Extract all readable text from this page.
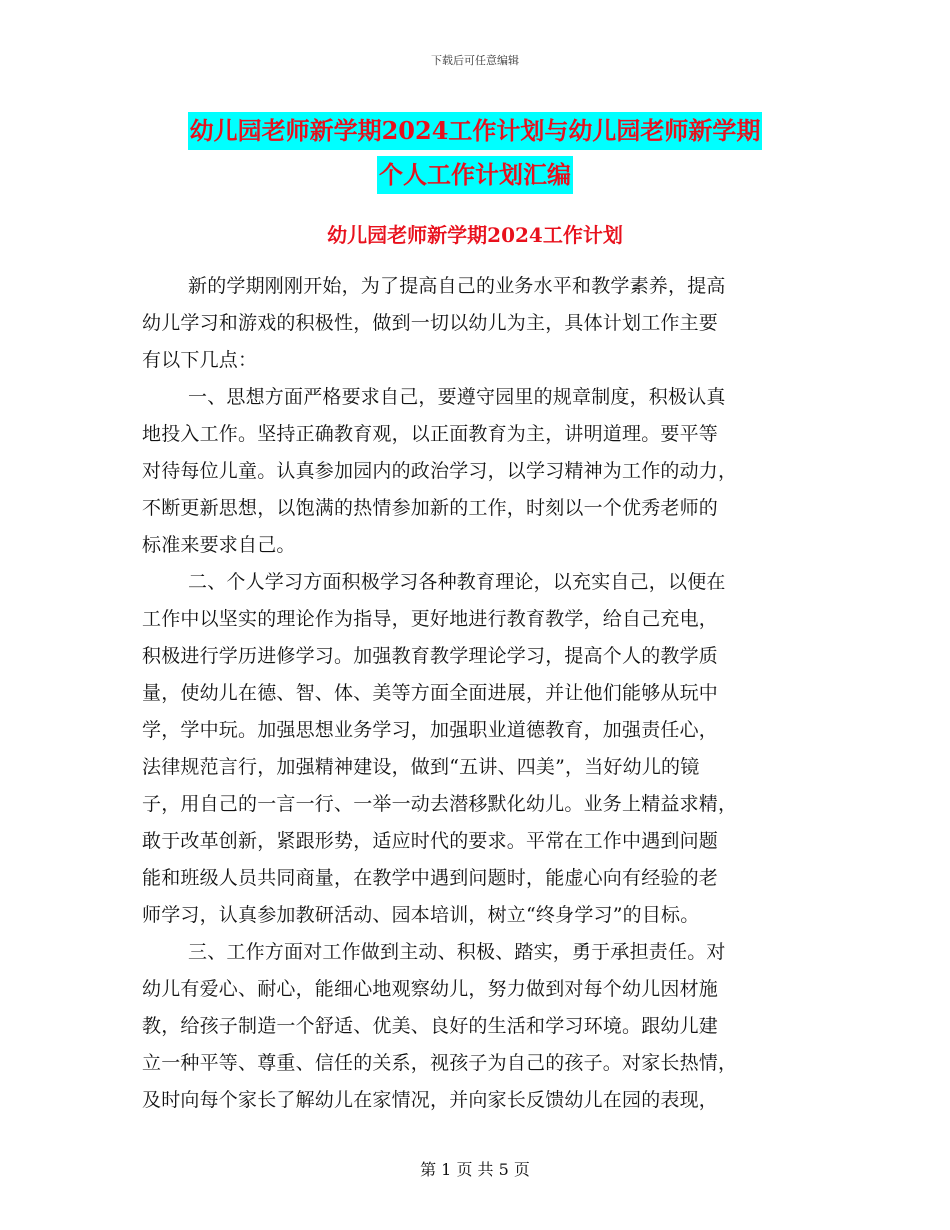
下载后可任意编辑
幼儿园老师新学期2024工作计划与幼儿园老师新学期
个人工作计划汇编
幼儿园老师新学期2024工作计划
新的学期刚刚开始，为了提高自己的业务水平和教学素养，提高
幼儿学习和游戏的积极性，做到一切以幼儿为主，具体计划工作主要
有以下几点：
一、思想方面严格要求自己，要遵守园里的规章制度，积极认真
地投入工作。坚持正确教育观，以正面教育为主，讲明道理。要平等
对待每位儿童。认真参加园内的政治学习，以学习精神为工作的动力，
不断更新思想，以饱满的热情参加新的工作，时刻以一个优秀老师的
标准来要求自己。
二、个人学习方面积极学习各种教育理论，以充实自己，以便在
工作中以坚实的理论作为指导，更好地进行教育教学，给自己充电，
积极进行学历进修学习。加强教育教学理论学习，提高个人的教学质
量，使幼儿在德、智、体、美等方面全面进展，并让他们能够从玩中
学，学中玩。加强思想业务学习，加强职业道德教育，加强责任心，
法律规范言行，加强精神建设，做到“五讲、四美”，当好幼儿的镜
子，用自己的一言一行、一举一动去潜移默化幼儿。业务上精益求精，
敢于改革创新，紧跟形势，适应时代的要求。平常在工作中遇到问题
能和班级人员共同商量，在教学中遇到问题时，能虚心向有经验的老
师学习，认真参加教研活动、园本培训，树立“终身学习”的目标。
三、工作方面对工作做到主动、积极、踏实，勇于承担责任。对
幼儿有爱心、耐心，能细心地观察幼儿，努力做到对每个幼儿因材施
教，给孩子制造一个舒适、优美、良好的生活和学习环境。跟幼儿建
立一种平等、尊重、信任的关系，视孩子为自己的孩子。对家长热情，
及时向每个家长了解幼儿在家情况，并向家长反馈幼儿在园的表现，
第 1 页 共 5 页
